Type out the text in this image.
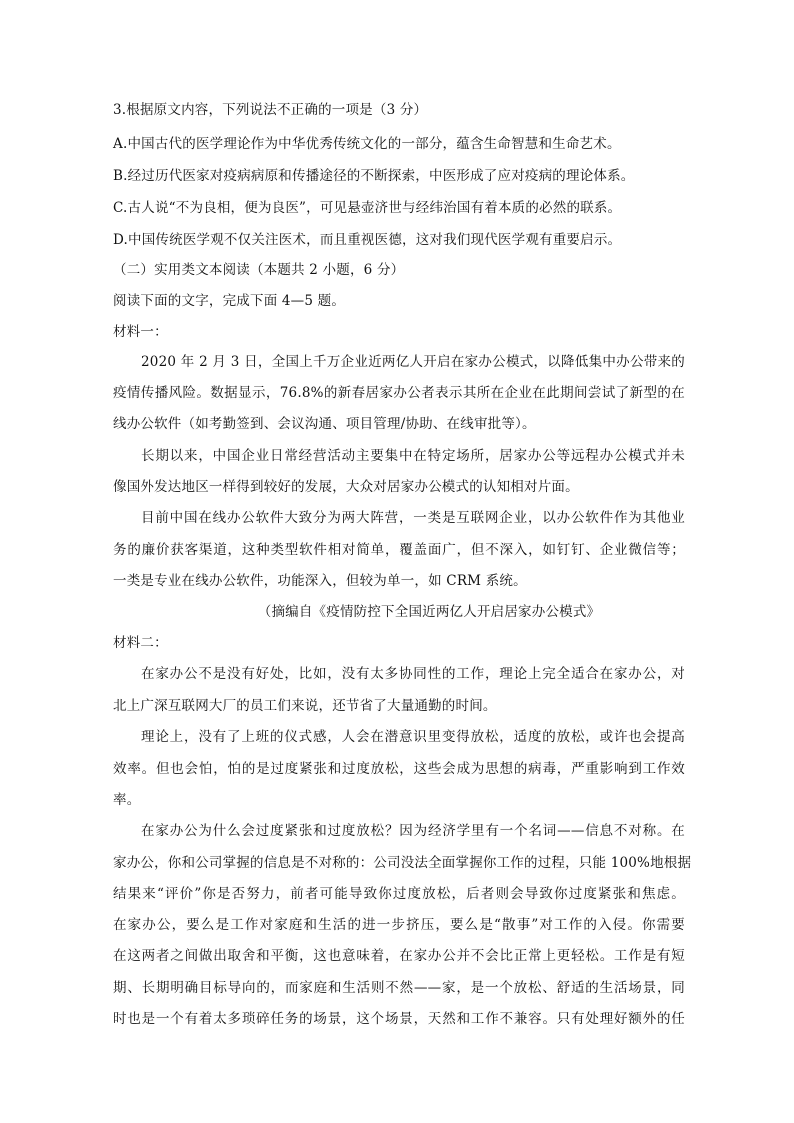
3.根据原文内容，下列说法不正确的一项是（3 分）
A.中国古代的医学理论作为中华优秀传统文化的一部分，蕴含生命智慧和生命艺术。
B.经过历代医家对疫病病原和传播途径的不断探索，中医形成了应对疫病的理论体系。
C.古人说“不为良相，便为良医”，可见悬壶济世与经纬治国有着本质的必然的联系。
D.中国传统医学观不仅关注医术，而且重视医德，这对我们现代医学观有重要启示。
（二）实用类文本阅读（本题共 2 小题，6 分）
阅读下面的文字，完成下面 4—5 题。
材料一：
2020 年 2 月 3 日，全国上千万企业近两亿人开启在家办公模式，以降低集中办公带来的
疫情传播风险。数据显示，76.8%的新春居家办公者表示其所在企业在此期间尝试了新型的在
线办公软件（如考勤签到、会议沟通、项目管理/协助、在线审批等）。
长期以来，中国企业日常经营活动主要集中在特定场所，居家办公等远程办公模式并未
像国外发达地区一样得到较好的发展，大众对居家办公模式的认知相对片面。
目前中国在线办公软件大致分为两大阵营，一类是互联网企业，以办公软件作为其他业
务的廉价获客渠道，这种类型软件相对简单，覆盖面广，但不深入，如钉钉、企业微信等；
一类是专业在线办公软件，功能深入，但较为单一，如 CRM 系统。
（摘编自《疫情防控下全国近两亿人开启居家办公模式》
材料二：
在家办公不是没有好处，比如，没有太多协同性的工作，理论上完全适合在家办公，对
北上广深互联网大厂的员工们来说，还节省了大量通勤的时间。
理论上，没有了上班的仪式感，人会在潜意识里变得放松，适度的放松，或许也会提高
效率。但也会怕，怕的是过度紧张和过度放松，这些会成为思想的病毒，严重影响到工作效
率。
在家办公为什么会过度紧张和过度放松？因为经济学里有一个名词——信息不对称。在
家办公，你和公司掌握的信息是不对称的：公司没法全面掌握你工作的过程，只能 100%地根据
结果来“评价”你是否努力，前者可能导致你过度放松，后者则会导致你过度紧张和焦虑。
在家办公，要么是工作对家庭和生活的进一步挤压，要么是“散事”对工作的入侵。你需要
在这两者之间做出取舍和平衡，这也意味着，在家办公并不会比正常上更轻松。工作是有短
期、长期明确目标导向的，而家庭和生活则不然——家，是一个放松、舒适的生活场景，同
时也是一个有着太多琐碎任务的场景，这个场景，天然和工作不兼容。只有处理好额外的任
